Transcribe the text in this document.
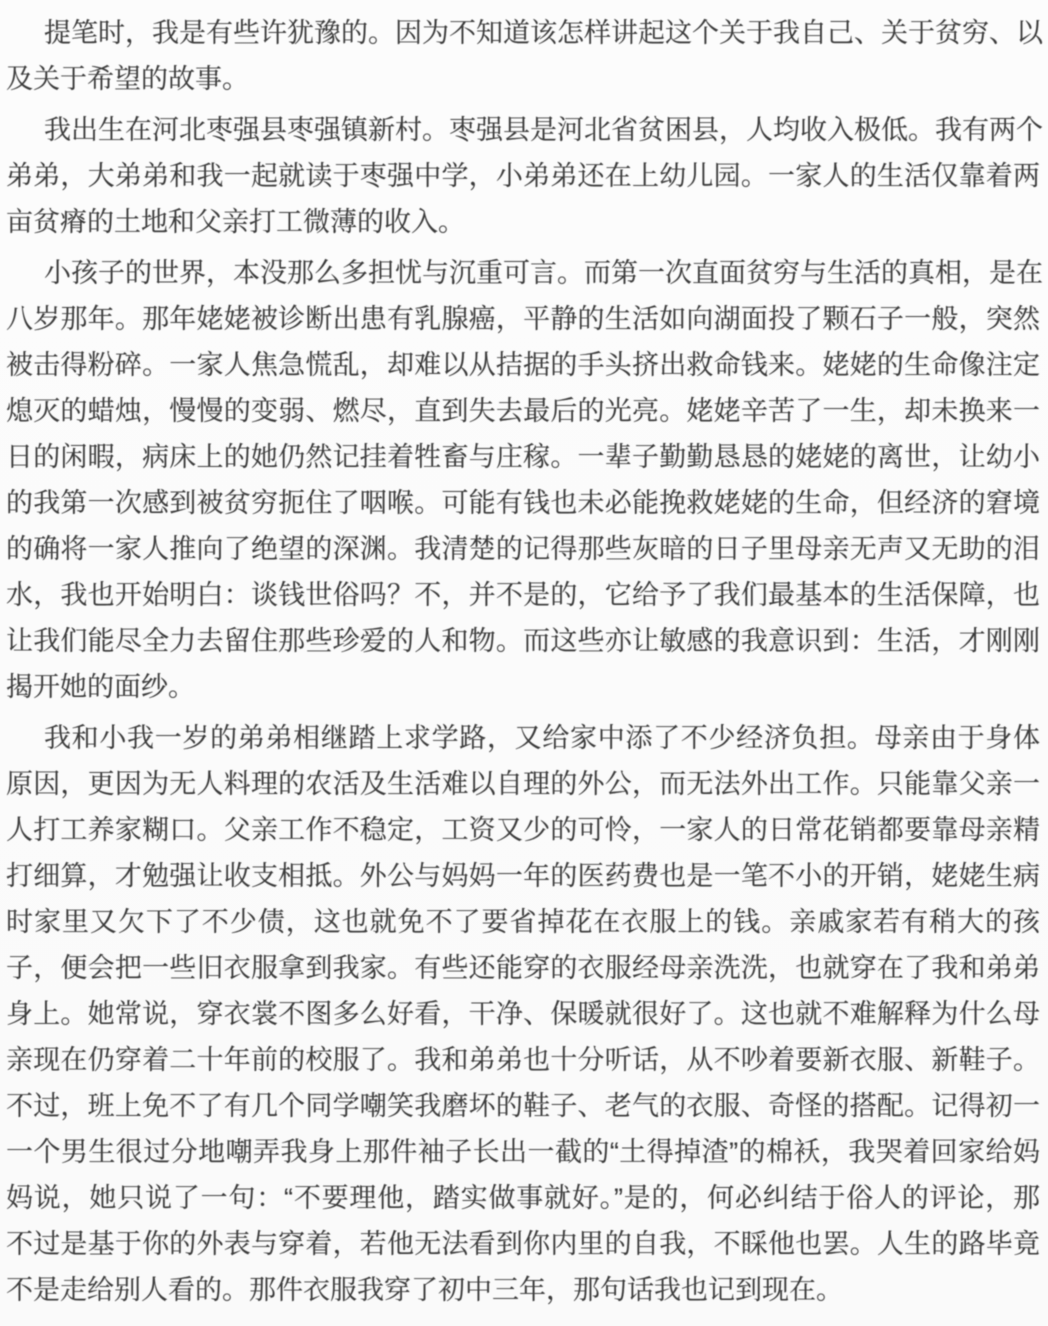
提笔时，我是有些许犹豫的。因为不知道该怎样讲起这个关于我自己、关于贫穷、以
及关于希望的故事。
我出生在河北枣强县枣强镇新村。枣强县是河北省贫困县，人均收入极低。我有两个
弟弟，大弟弟和我一起就读于枣强中学，小弟弟还在上幼儿园。一家人的生活仅靠着两
亩贫瘠的土地和父亲打工微薄的收入。
小孩子的世界，本没那么多担忧与沉重可言。而第一次直面贫穷与生活的真相，是在
八岁那年。那年姥姥被诊断出患有乳腺癌，平静的生活如向湖面投了颗石子一般，突然
被击得粉碎。一家人焦急慌乱，却难以从拮据的手头挤出救命钱来。姥姥的生命像注定
熄灭的蜡烛，慢慢的变弱、燃尽，直到失去最后的光亮。姥姥辛苦了一生，却未换来一
日的闲暇，病床上的她仍然记挂着牲畜与庄稼。一辈子勤勤恳恳的姥姥的离世，让幼小
的我第一次感到被贫穷扼住了咽喉。可能有钱也未必能挽救姥姥的生命，但经济的窘境
的确将一家人推向了绝望的深渊。我清楚的记得那些灰暗的日子里母亲无声又无助的泪
水，我也开始明白：谈钱世俗吗？不，并不是的，它给予了我们最基本的生活保障，也
让我们能尽全力去留住那些珍爱的人和物。而这些亦让敏感的我意识到：生活，才刚刚
揭开她的面纱。
我和小我一岁的弟弟相继踏上求学路，又给家中添了不少经济负担。母亲由于身体
原因，更因为无人料理的农活及生活难以自理的外公，而无法外出工作。只能靠父亲一
人打工养家糊口。父亲工作不稳定，工资又少的可怜，一家人的日常花销都要靠母亲精
打细算，才勉强让收支相抵。外公与妈妈一年的医药费也是一笔不小的开销，姥姥生病
时家里又欠下了不少债，这也就免不了要省掉花在衣服上的钱。亲戚家若有稍大的孩
子，便会把一些旧衣服拿到我家。有些还能穿的衣服经母亲洗洗，也就穿在了我和弟弟
身上。她常说，穿衣裳不图多么好看，干净、保暖就很好了。这也就不难解释为什么母
亲现在仍穿着二十年前的校服了。我和弟弟也十分听话，从不吵着要新衣服、新鞋子。
不过，班上免不了有几个同学嘲笑我磨坏的鞋子、老气的衣服、奇怪的搭配。记得初一
一个男生很过分地嘲弄我身上那件袖子长出一截的“土得掉渣”的棉袄，我哭着回家给妈
妈说，她只说了一句：“不要理他，踏实做事就好。”是的，何必纠结于俗人的评论，那
不过是基于你的外表与穿着，若他无法看到你内里的自我，不睬他也罢。人生的路毕竟
不是走给别人看的。那件衣服我穿了初中三年，那句话我也记到现在。
